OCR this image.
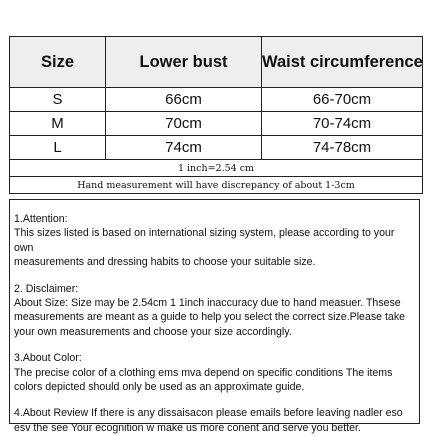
Size	Lower bust	Waist circumference
S	66cm	66-70cm
M	70cm	70-74cm
L	74cm	74-78cm
1 inch=2.54 cm		
Hand measurement will have discrepancy of about 1-3cm		

1.Attention:

This sizes listed is based on international sizing system, please according to your own

measurements and dressing habits to choose your suitable size.

2. Disclaimer:

About Size: Size may be 2.54cm 1 1inch inaccuracy due to hand measuer. Thsese

measurements are meant as a guide to help you select the correct size.Please take

your own measurements and choose your size accordingly.

3.About Color:

The precise color of a clothing ems mva depend on specific conditions The items

colors depicted should only be used as an approximate guide.

4.About Review If there is any dissaisacon please emails before leaving nadler eso

esv the see Your ecognition w make us more conent and serve you better.
